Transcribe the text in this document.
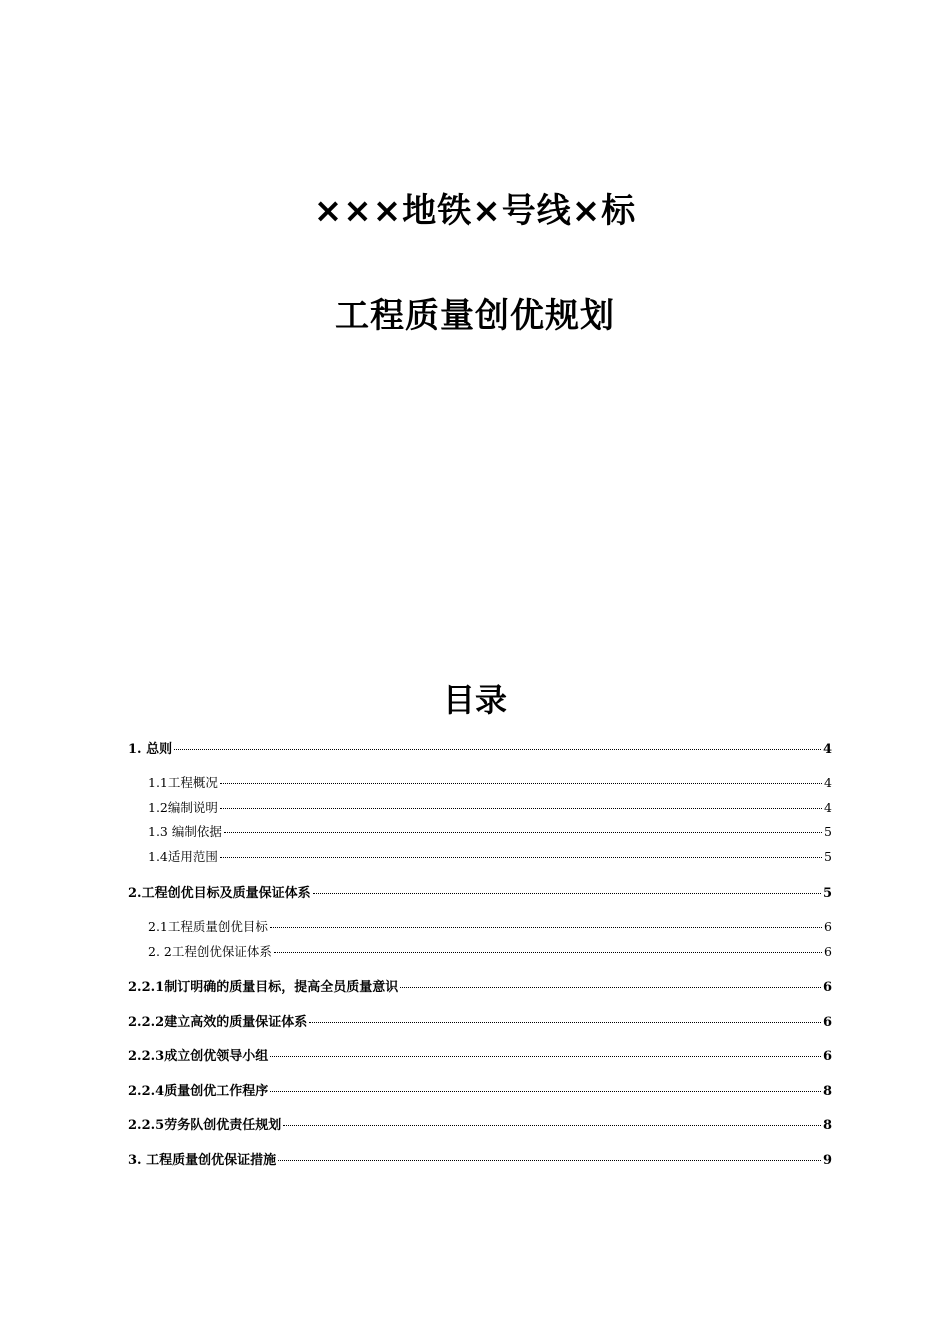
×××地铁×号线×标
工程质量创优规划
目录
1. 总则	4
1.1工程概况	4
1.2编制说明	4
1.3 编制依据	5
1.4适用范围	5
2.工程创优目标及质量保证体系	5
2.1工程质量创优目标	6
2. 2工程创优保证体系	6
2.2.1制订明确的质量目标，提高全员质量意识	6
2.2.2建立高效的质量保证体系	6
2.2.3成立创优领导小组	6
2.2.4质量创优工作程序	8
2.2.5劳务队创优责任规划	8
3. 工程质量创优保证措施	9
